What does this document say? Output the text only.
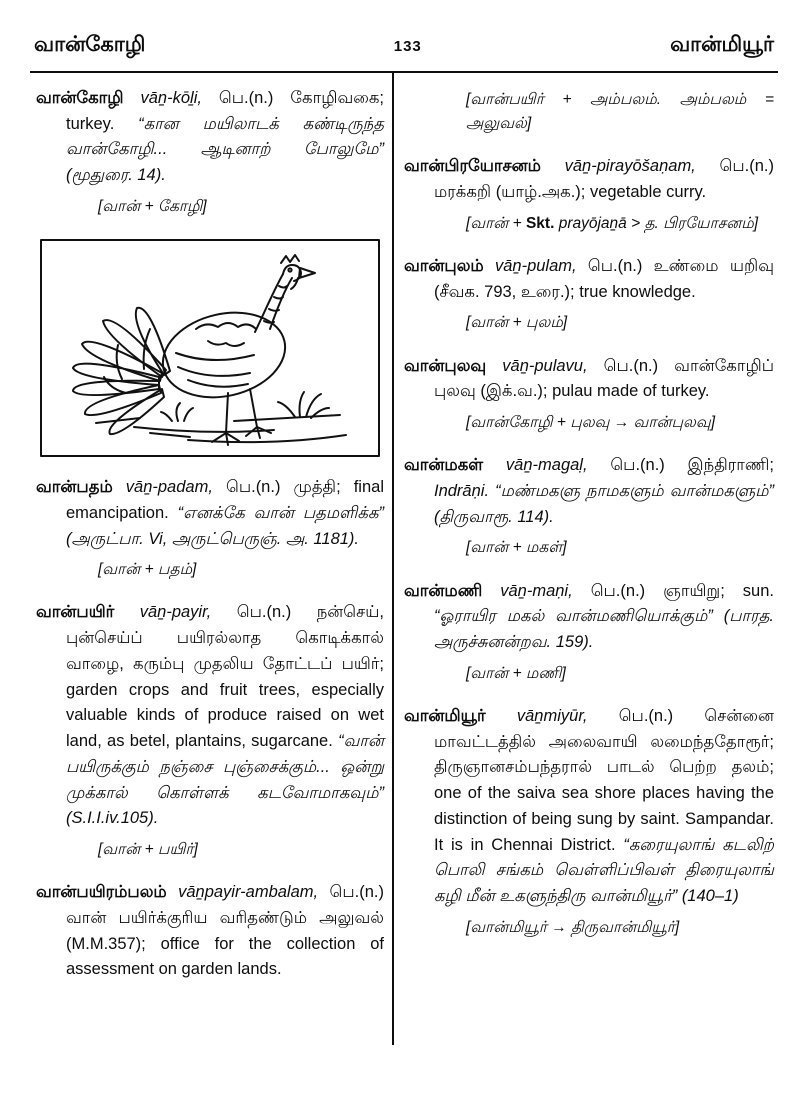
வான்கோழி	133	வான்மியூர்
வான்கோழி vāṉ-kōḻi, பெ.(n.) கோழிவகை; turkey. “கான மயிலாடக் கண்டிருந்த வான்கோழி... ஆடினாற் போலுமே” (மூதுரை. 14).
[வான் + கோழி]
வான்பதம் vāṉ-padam, பெ.(n.) முத்தி; final emancipation. “எனக்கே வான் பதமளிக்க” (அருட்பா. Vi, அருட்பெருஞ். அ. 1181).
[வான் + பதம்]
வான்பயிர் vāṉ-payir, பெ.(n.) நன்செய், புன்செய்ப் பயிரல்லாத கொடிக்கால் வாழை, கரும்பு முதலிய தோட்டப் பயிர்; garden crops and fruit trees, especially valuable kinds of produce raised on wet land, as betel, plantains, sugarcane. “வான் பயிருக்கும் நஞ்சை புஞ்சைக்கும்... ஒன்று முக்கால் கொள்ளக் கடவோமாகவும்” (S.I.I.iv.105).
[வான் + பயிர்]
வான்பயிரம்பலம் vāṉpayir-ambalam, பெ.(n.) வான் பயிர்க்குரிய வரிதண்டும் அலுவல் (M.M.357); office for the collection of assessment on garden lands.
[வான்பயிர் + அம்பலம். அம்பலம் = அலுவல்]
வான்பிரயோசனம் vāṉ-pirayōšaṇam, பெ.(n.) மரக்கறி (யாழ்.அக.); vegetable curry.
[வான் + Skt. prayōjaṉā > த. பிரயோசனம்]
வான்புலம் vāṉ-pulam, பெ.(n.) உண்மை யறிவு (சீவக. 793, உரை.); true knowledge.
[வான் + புலம்]
வான்புலவு vāṉ-pulavu, பெ.(n.) வான்கோழிப் புலவு (இக்.வ.); pulau made of turkey.
[வான்கோழி + புலவு → வான்புலவு]
வான்மகள் vāṉ-magaḷ, பெ.(n.) இந்திராணி; Indrāṇi. “மண்மகளு நாமகளும் வான்மகளும்” (திருவாரூ. 114).
[வான் + மகள்]
வான்மணி vāṉ-maṇi, பெ.(n.) ஞாயிறு; sun. “ஓராயிர மகல் வான்மணியொக்கும்” (பாரத. அருச்சுனன்றவ. 159).
[வான் + மணி]
வான்மியூர் vāṉmiyūr, பெ.(n.) சென்னை மாவட்டத்தில் அலைவாயி லமைந்ததோரூர்; திருஞானசம்பந்தரால் பாடல் பெற்ற தலம்; one of the saiva sea shore places having the distinction of being sung by saint. Sampandar. It is in Chennai District. “கரையுலாங் கடலிற் பொலி சங்கம் வெள்ளிப்பிவள் திரையுலாங் கழி மீன் உகளுந்திரு வான்மியூர்” (140–1)
[வான்மியூர் → திருவான்மியூர்]
